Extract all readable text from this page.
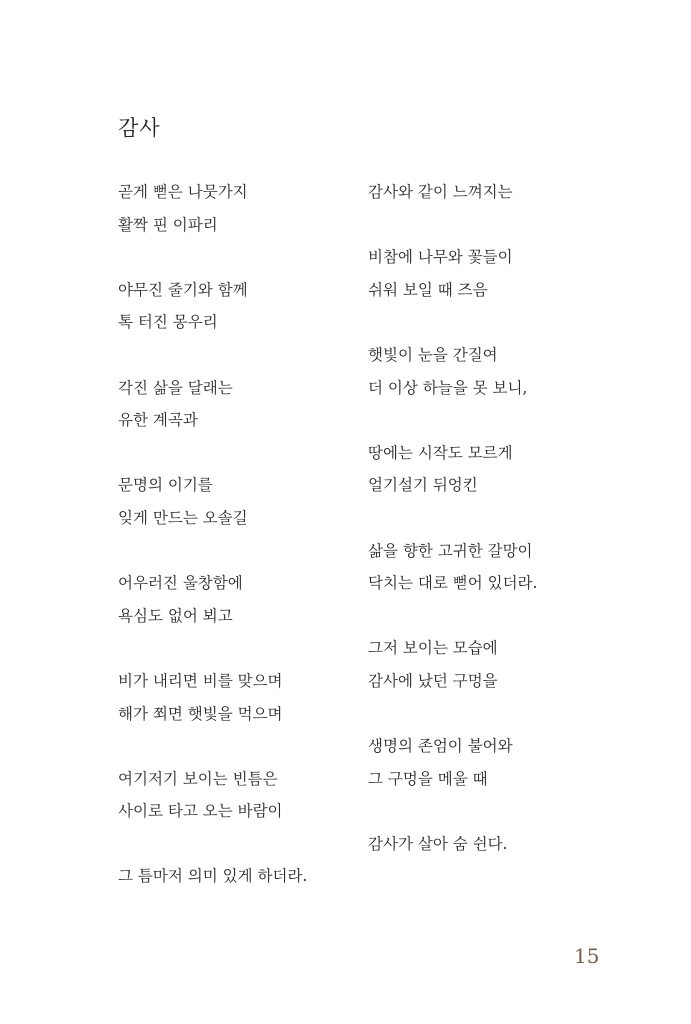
감사
곧게 뻗은 나뭇가지
활짝 핀 이파리
야무진 줄기와 함께
톡 터진 몽우리
각진 삶을 달래는
유한 계곡과
문명의 이기를
잊게 만드는 오솔길
어우러진 울창함에
욕심도 없어 뵈고
비가 내리면 비를 맞으며
해가 쬐면 햇빛을 먹으며
여기저기 보이는 빈틈은
사이로 타고 오는 바람이
그 틈마저 의미 있게 하더라.
감사와 같이 느껴지는
비참에 나무와 꽃들이
쉬워 보일 때 즈음
햇빛이 눈을 간질여
더 이상 하늘을 못 보니,
땅에는 시작도 모르게
얼기설기 뒤엉킨
삶을 향한 고귀한 갈망이
닥치는 대로 뻗어 있더라.
그저 보이는 모습에
감사에 났던 구멍을
생명의 존엄이 불어와
그 구멍을 메울 때
감사가 살아 숨 쉰다.
15
